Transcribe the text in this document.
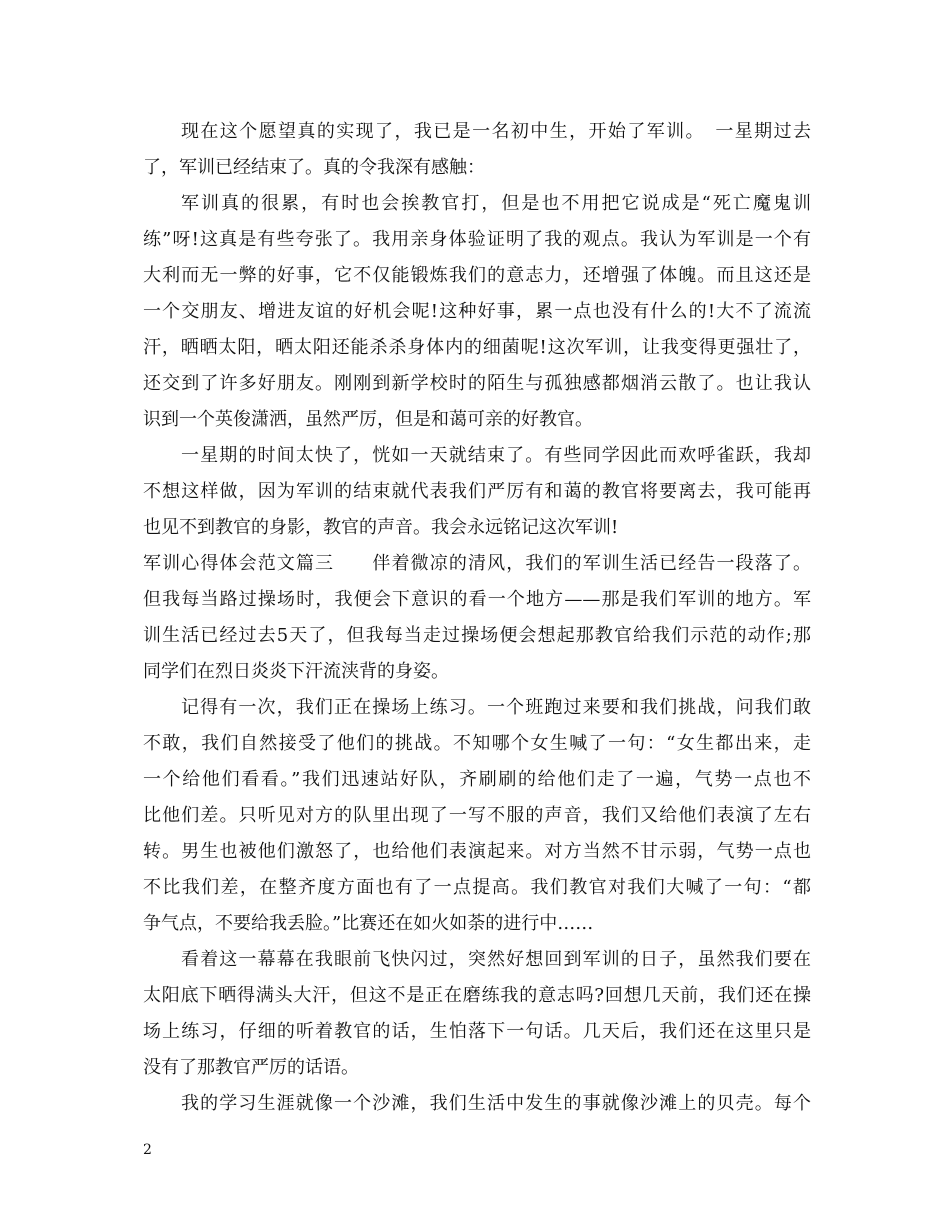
现在这个愿望真的实现了，我已是一名初中生，开始了军训。　一星期过去
了，军训已经结束了。真的令我深有感触：
军训真的很累，有时也会挨教官打，但是也不用把它说成是“死亡魔鬼训
练”呀!这真是有些夸张了。我用亲身体验证明了我的观点。我认为军训是一个有
大利而无一弊的好事，它不仅能锻炼我们的意志力，还增强了体魄。而且这还是
一个交朋友、增进友谊的好机会呢!这种好事，累一点也没有什么的!大不了流流
汗，晒晒太阳，晒太阳还能杀杀身体内的细菌呢!这次军训，让我变得更强壮了，
还交到了许多好朋友。刚刚到新学校时的陌生与孤独感都烟消云散了。也让我认
识到一个英俊潇洒，虽然严厉，但是和蔼可亲的好教官。
一星期的时间太快了，恍如一天就结束了。有些同学因此而欢呼雀跃，我却
不想这样做，因为军训的结束就代表我们严厉有和蔼的教官将要离去，我可能再
也见不到教官的身影，教官的声音。我会永远铭记这次军训!
军训心得体会范文篇三　　伴着微凉的清风，我们的军训生活已经告一段落了。
但我每当路过操场时，我便会下意识的看一个地方——那是我们军训的地方。军
训生活已经过去5天了，但我每当走过操场便会想起那教官给我们示范的动作;那
同学们在烈日炎炎下汗流浃背的身姿。
记得有一次，我们正在操场上练习。一个班跑过来要和我们挑战，问我们敢
不敢，我们自然接受了他们的挑战。不知哪个女生喊了一句：“女生都出来，走
一个给他们看看。”我们迅速站好队，齐刷刷的给他们走了一遍，气势一点也不
比他们差。只听见对方的队里出现了一写不服的声音，我们又给他们表演了左右
转。男生也被他们激怒了，也给他们表演起来。对方当然不甘示弱，气势一点也
不比我们差，在整齐度方面也有了一点提高。我们教官对我们大喊了一句：“都
争气点，不要给我丢脸。”比赛还在如火如荼的进行中……
看着这一幕幕在我眼前飞快闪过，突然好想回到军训的日子，虽然我们要在
太阳底下晒得满头大汗，但这不是正在磨练我的意志吗?回想几天前，我们还在操
场上练习，仔细的听着教官的话，生怕落下一句话。几天后，我们还在这里只是
没有了那教官严厉的话语。
我的学习生涯就像一个沙滩，我们生活中发生的事就像沙滩上的贝壳。每个
2
